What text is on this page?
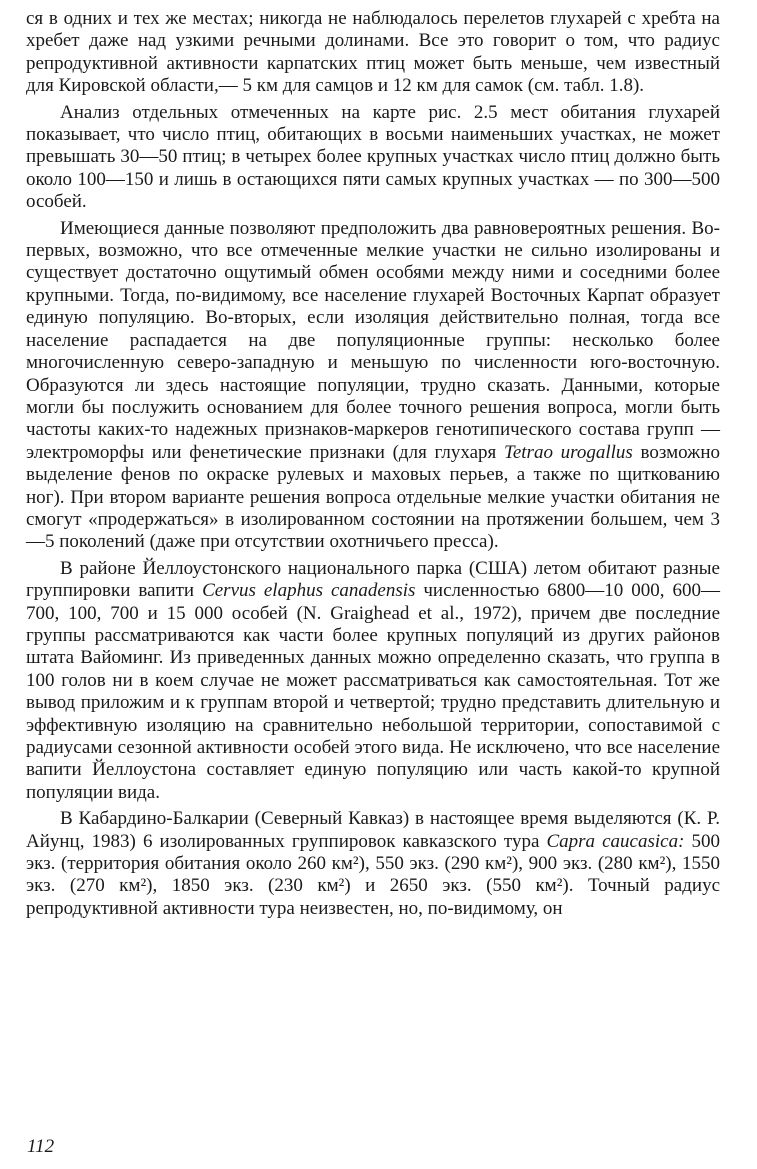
ся в одних и тех же местах; никогда не наблюдалось перелетов глухарей с хребта на хребет даже над узкими речными долинами. Все это говорит о том, что радиус репродуктивной активности карпатских птиц может быть меньше, чем известный для Кировской области,— 5 км для самцов и 12 км для самок (см. табл. 1.8).

Анализ отдельных отмеченных на карте рис. 2.5 мест обитания глухарей показывает, что число птиц, обитающих в восьми наименьших участках, не может превышать 30—50 птиц; в четырех более крупных участках число птиц должно быть около 100—150 и лишь в остающихся пяти самых крупных участках — по 300—500 особей.

Имеющиеся данные позволяют предположить два равновероятных решения. Во-первых, возможно, что все отмеченные мелкие участки не сильно изолированы и существует достаточно ощутимый обмен особями между ними и соседними более крупными. Тогда, по-видимому, все население глухарей Восточных Карпат образует единую популяцию. Во-вторых, если изоляция действительно полная, тогда все население распадается на две популяционные группы: несколько более многочисленную северо-западную и меньшую по численности юго-восточную. Образуются ли здесь настоящие популяции, трудно сказать. Данными, которые могли бы послужить основанием для более точного решения вопроса, могли быть частоты каких-то надежных признаков-маркеров генотипического состава групп — электроморфы или фенетические признаки (для глухаря Tetrao urogallus возможно выделение фенов по окраске рулевых и маховых перьев, а также по щиткованию ног). При втором варианте решения вопроса отдельные мелкие участки обитания не смогут «продержаться» в изолированном состоянии на протяжении большем, чем 3—5 поколений (даже при отсутствии охотничьего пресса).

В районе Йеллоустонского национального парка (США) летом обитают разные группировки вапити Cervus elaphus canadensis численностью 6800—10 000, 600—700, 100, 700 и 15 000 особей (N. Graighead et al., 1972), причем две последние группы рассматриваются как части более крупных популяций из других районов штата Вайоминг. Из приведенных данных можно определенно сказать, что группа в 100 голов ни в коем случае не может рассматриваться как самостоятельная. Тот же вывод приложим и к группам второй и четвертой; трудно представить длительную и эффективную изоляцию на сравнительно небольшой территории, сопоставимой с радиусами сезонной активности особей этого вида. Не исключено, что все население вапити Йеллоустона составляет единую популяцию или часть какой-то крупной популяции вида.

В Кабардино-Балкарии (Северный Кавказ) в настоящее время выделяются (К. Р. Айунц, 1983) 6 изолированных группировок кавказского тура Capra caucasica: 500 экз. (территория обитания около 260 км²), 550 экз. (290 км²), 900 экз. (280 км²), 1550 экз. (270 км²), 1850 экз. (230 км²) и 2650 экз. (550 км²). Точный радиус репродуктивной активности тура неизвестен, но, по-видимому, он

112
